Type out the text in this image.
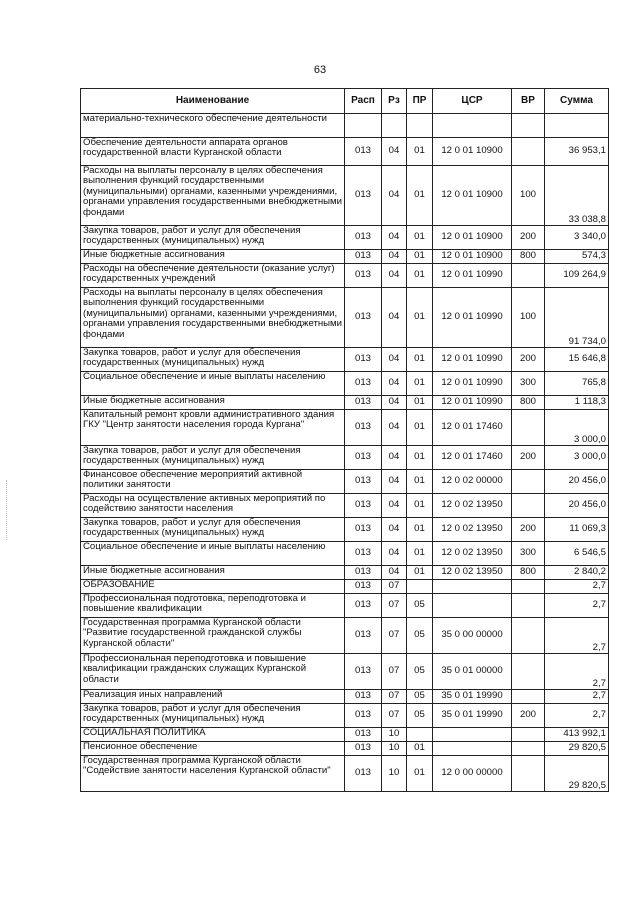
63
Наименование	Расп	Рз	ПР	ЦСР	ВР	Сумма
материально-технического обеспечение деятельности						
Обеспечение деятельности аппарата органов государственной власти Курганской области	013	04	01	12 0 01 10900		36 953,1
Расходы на выплаты персоналу в целях обеспечения выполнения функций государственными (муниципальными) органами, казенными учреждениями, органами управления государственными внебюджетными фондами	013	04	01	12 0 01 10900	100	33 038,8
Закупка товаров, работ и услуг для обеспечения государственных (муниципальных) нужд	013	04	01	12 0 01 10900	200	3 340,0
Иные бюджетные ассигнования	013	04	01	12 0 01 10900	800	574,3
Расходы на обеспечение деятельности (оказание услуг) государственных учреждений	013	04	01	12 0 01 10990		109 264,9
Расходы на выплаты персоналу в целях обеспечения выполнения функций государственными (муниципальными) органами, казенными учреждениями, органами управления государственными внебюджетными фондами	013	04	01	12 0 01 10990	100	91 734,0
Закупка товаров, работ и услуг для обеспечения государственных (муниципальных) нужд	013	04	01	12 0 01 10990	200	15 646,8
Социальное обеспечение и иные выплаты населению	013	04	01	12 0 01 10990	300	765,8
Иные бюджетные ассигнования	013	04	01	12 0 01 10990	800	1 118,3
Капитальный ремонт кровли административного здания ГКУ "Центр занятости населения города Кургана"	013	04	01	12 0 01 17460		3 000,0
Закупка товаров, работ и услуг для обеспечения государственных (муниципальных) нужд	013	04	01	12 0 01 17460	200	3 000,0
Финансовое обеспечение мероприятий активной политики занятости	013	04	01	12 0 02 00000		20 456,0
Расходы на осуществление активных мероприятий по содействию занятости населения	013	04	01	12 0 02 13950		20 456,0
Закупка товаров, работ и услуг для обеспечения государственных (муниципальных) нужд	013	04	01	12 0 02 13950	200	11 069,3
Социальное обеспечение и иные выплаты населению	013	04	01	12 0 02 13950	300	6 546,5
Иные бюджетные ассигнования	013	04	01	12 0 02 13950	800	2 840,2
ОБРАЗОВАНИЕ	013	07				2,7
Профессиональная подготовка, переподготовка и повышение квалификации	013	07	05			2,7
Государственная программа Курганской области "Развитие государственной гражданской службы Курганской области"	013	07	05	35 0 00 00000		2,7
Профессиональная переподготовка и повышение квалификации гражданских служащих Курганской области	013	07	05	35 0 01 00000		2,7
Реализация иных направлений	013	07	05	35 0 01 19990		2,7
Закупка товаров, работ и услуг для обеспечения государственных (муниципальных) нужд	013	07	05	35 0 01 19990	200	2,7
СОЦИАЛЬНАЯ ПОЛИТИКА	013	10				413 992,1
Пенсионное обеспечение	013	10	01			29 820,5
Государственная программа Курганской области "Содействие занятости населения Курганской области"	013	10	01	12 0 00 00000		29 820,5
